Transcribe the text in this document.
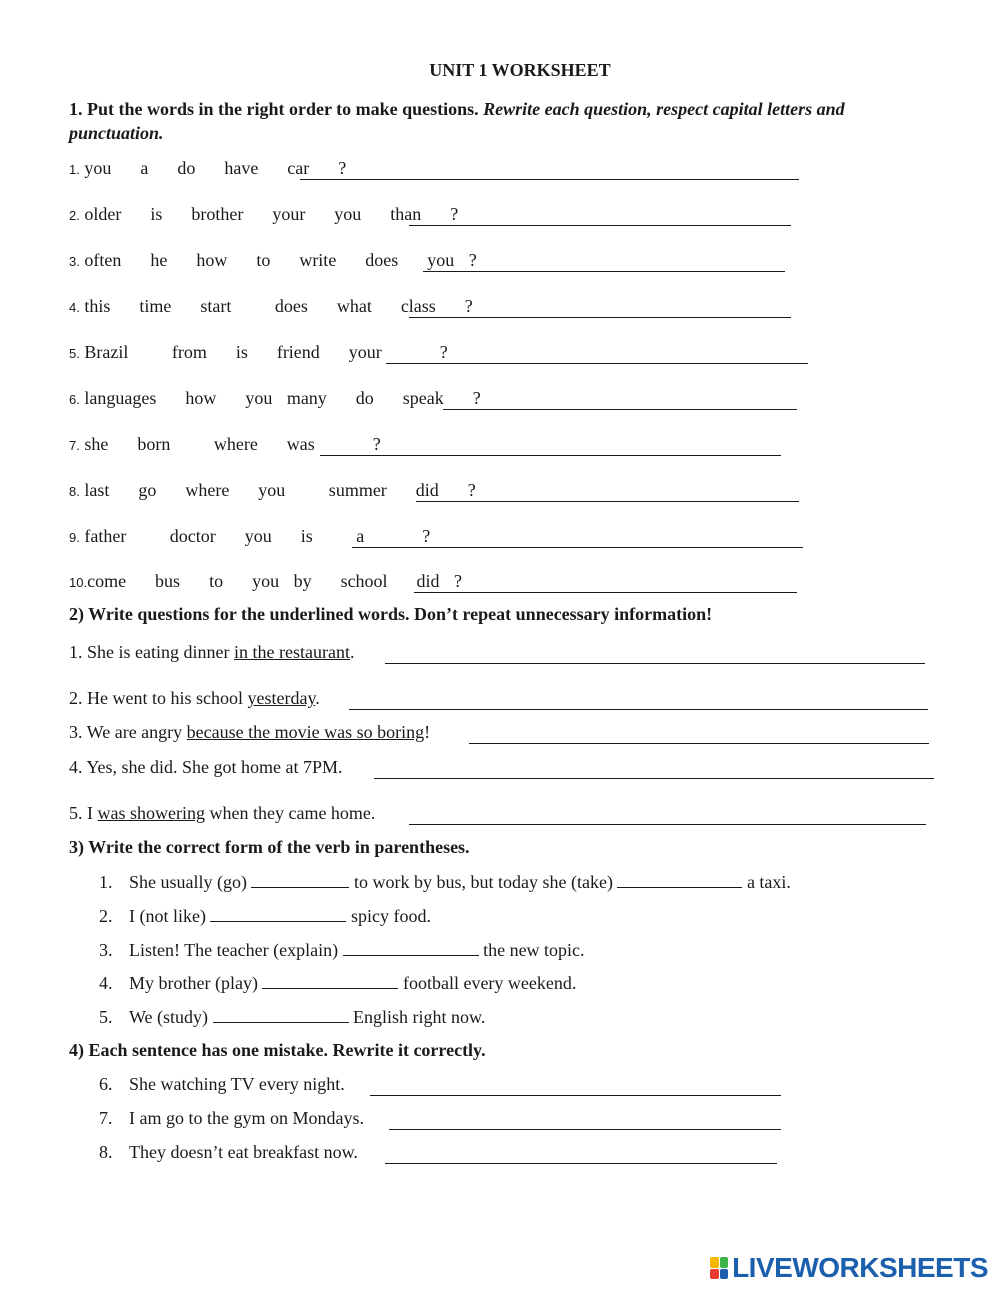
UNIT 1 WORKSHEET
1. Put the words in the right order to make questions. Rewrite each question, respect capital letters and punctuation.
1. you  a  do  have  car  ?
2. older  is  brother  your  you  than  ?
3. often  he  how  to  write  does  you ?
4. this  time  start   does  what  class  ?
5. Brazil   from  is  friend  your    ?
6. languages  how  you many  do  speak  ?
7. she  born   where  was    ?
8. last  go  where  you   summer  did  ?
9. father   doctor  you  is   a    ?
10.come  bus  to  you by  school  did ?
2) Write questions for the underlined words. Don’t repeat unnecessary information!
1. She is eating dinner in the restaurant.
2. He went to his school yesterday.
3. We are angry because the movie was so boring!
4. Yes, she did. She got home at 7PM.
5. I was showering when they came home.
3) Write the correct form of the verb in parentheses.
1. She usually (go)	to work by bus, but today she (take)	a taxi.
2. I (not like)	spicy food.
3. Listen! The teacher (explain)	the new topic.
4. My brother (play)	football every weekend.
5. We (study)	English right now.
4) Each sentence has one mistake. Rewrite it correctly.
6. She watching TV every night.
7. I am go to the gym on Mondays.
8. They doesn’t eat breakfast now.
LIVEWORKSHEETS
